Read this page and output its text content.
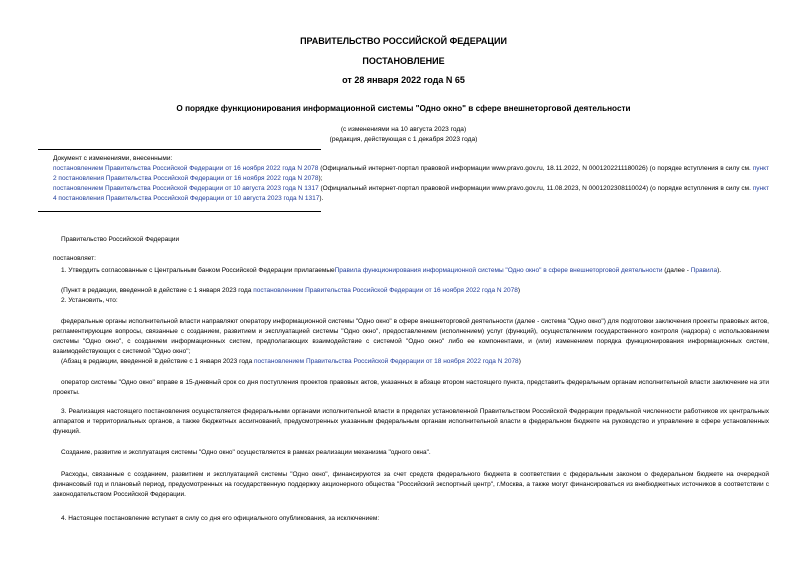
ПРАВИТЕЛЬСТВО РОССИЙСКОЙ ФЕДЕРАЦИИ
ПОСТАНОВЛЕНИЕ
от 28 января 2022 года N 65
О порядке функционирования информационной системы "Одно окно" в сфере внешнеторговой деятельности
(с изменениями на 10 августа 2023 года)
(редакция, действующая с 1 декабря 2023 года)

Документ с изменениями, внесенными:

постановлением Правительства Российской Федерации от 16 ноября 2022 года N 2078 (Официальный интернет-портал правовой информации www.pravo.gov.ru, 18.11.2022, N 0001202211180026) (о порядке вступления в силу см. пункт 2 постановления Правительства Российской Федерации от 16 ноября 2022 года N 2078);

постановлением Правительства Российской Федерации от 10 августа 2023 года N 1317 (Официальный интернет-портал правовой информации www.pravo.gov.ru, 11.08.2023, N 0001202308110024) (о порядке вступления в силу см. пункт 4 постановления Правительства Российской Федерации от 10 августа 2023 года N 1317).

Правительство Российской Федерации

постановляет:

1. Утвердить согласованные с Центральным банком Российской Федерации прилагаемыеПравила функционирования информационной системы "Одно окно" в сфере внешнеторговой деятельности (далее - Правила).

(Пункт в редакции, введенной в действие с 1 января 2023 года постановлением Правительства Российской Федерации от 16 ноября 2022 года N 2078)

2. Установить, что:

федеральные органы исполнительной власти направляют оператору информационной системы "Одно окно" в сфере внешнеторговой деятельности (далее - система "Одно окно") для подготовки заключения проекты правовых актов, регламентирующие вопросы, связанные с созданием, развитием и эксплуатацией системы "Одно окно", предоставлением (исполнением) услуг (функций), осуществлением государственного контроля (надзора) с использованием системы "Одно окно", с созданием информационных систем, предполагающих взаимодействие с системой "Одно окно" либо ее компонентами, и (или) изменением порядка функционирования информационных систем, взаимодействующих с системой "Одно окно";

(Абзац в редакции, введенной в действие с 1 января 2023 года постановлением Правительства Российской Федерации от 18 ноября 2022 года N 2078)

оператор системы "Одно окно" вправе в 15-дневный срок со дня поступления проектов правовых актов, указанных в абзаце втором настоящего пункта, представить федеральным органам исполнительной власти заключение на эти проекты.

3. Реализация настоящего постановления осуществляется федеральными органами исполнительной власти в пределах установленной Правительством Российской Федерации предельной численности работников их центральных аппаратов и территориальных органов, а также бюджетных ассигнований, предусмотренных указанным федеральным органам исполнительной власти в федеральном бюджете на руководство и управление в сфере установленных функций.

Создание, развитие и эксплуатация системы "Одно окно" осуществляется в рамках реализации механизма "одного окна".

Расходы, связанные с созданием, развитием и эксплуатацией системы "Одно окно", финансируются за счет средств федерального бюджета в соответствии с федеральным законом о федеральном бюджете на очередной финансовый год и плановый период, предусмотренных на государственную поддержку акционерного общества "Российский экспортный центр", г.Москва, а также могут финансироваться из внебюджетных источников в соответствии с законодательством Российской Федерации.

4. Настоящее постановление вступает в силу со дня его официального опубликования, за исключением:
